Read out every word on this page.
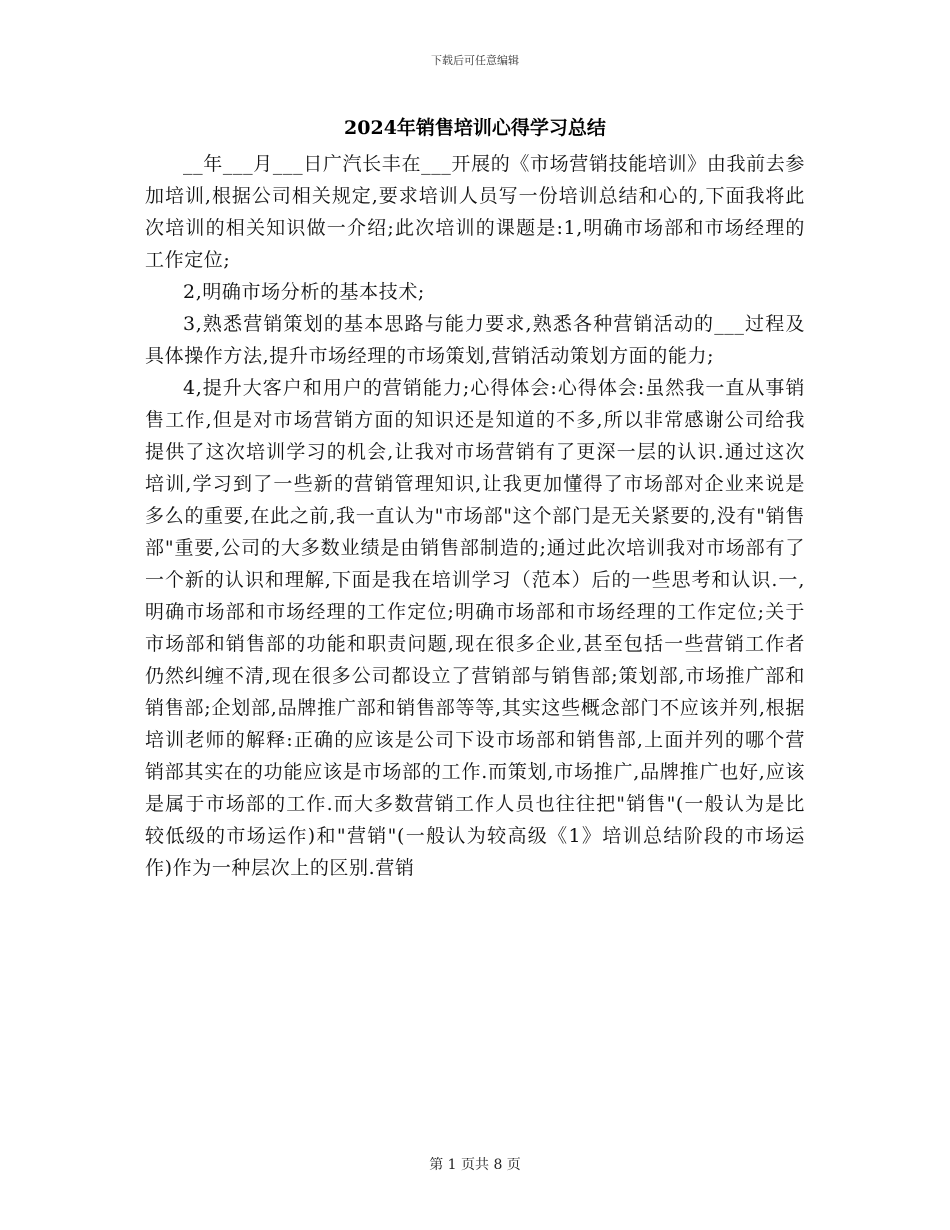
下载后可任意编辑
2024年销售培训心得学习总结

__年___月___日广汽长丰在___开展的《市场营销技能培训》由我前去参加培训,根据公司相关规定,要求培训人员写一份培训总结和心的,下面我将此次培训的相关知识做一介绍;此次培训的课题是:1,明确市场部和市场经理的工作定位;

2,明确市场分析的基本技术;

3,熟悉营销策划的基本思路与能力要求,熟悉各种营销活动的___过程及具体操作方法,提升市场经理的市场策划,营销活动策划方面的能力;

4,提升大客户和用户的营销能力;心得体会:心得体会:虽然我一直从事销售工作,但是对市场营销方面的知识还是知道的不多,所以非常感谢公司给我提供了这次培训学习的机会,让我对市场营销有了更深一层的认识.通过这次培训,学习到了一些新的营销管理知识,让我更加懂得了市场部对企业来说是多么的重要,在此之前,我一直认为"市场部"这个部门是无关紧要的,没有"销售部"重要,公司的大多数业绩是由销售部制造的;通过此次培训我对市场部有了一个新的认识和理解,下面是我在培训学习（范本）后的一些思考和认识.一,明确市场部和市场经理的工作定位;明确市场部和市场经理的工作定位;关于市场部和销售部的功能和职责问题,现在很多企业,甚至包括一些营销工作者仍然纠缠不清,现在很多公司都设立了营销部与销售部;策划部,市场推广部和销售部;企划部,品牌推广部和销售部等等,其实这些概念部门不应该并列,根据培训老师的解释:正确的应该是公司下设市场部和销售部,上面并列的哪个营销部其实在的功能应该是市场部的工作.而策划,市场推广,品牌推广也好,应该是属于市场部的工作.而大多数营销工作人员也往往把"销售"(一般认为是比较低级的市场运作)和"营销"(一般认为较高级《1》培训总结阶段的市场运作)作为一种层次上的区别.营销

第 1 页共 8 页
